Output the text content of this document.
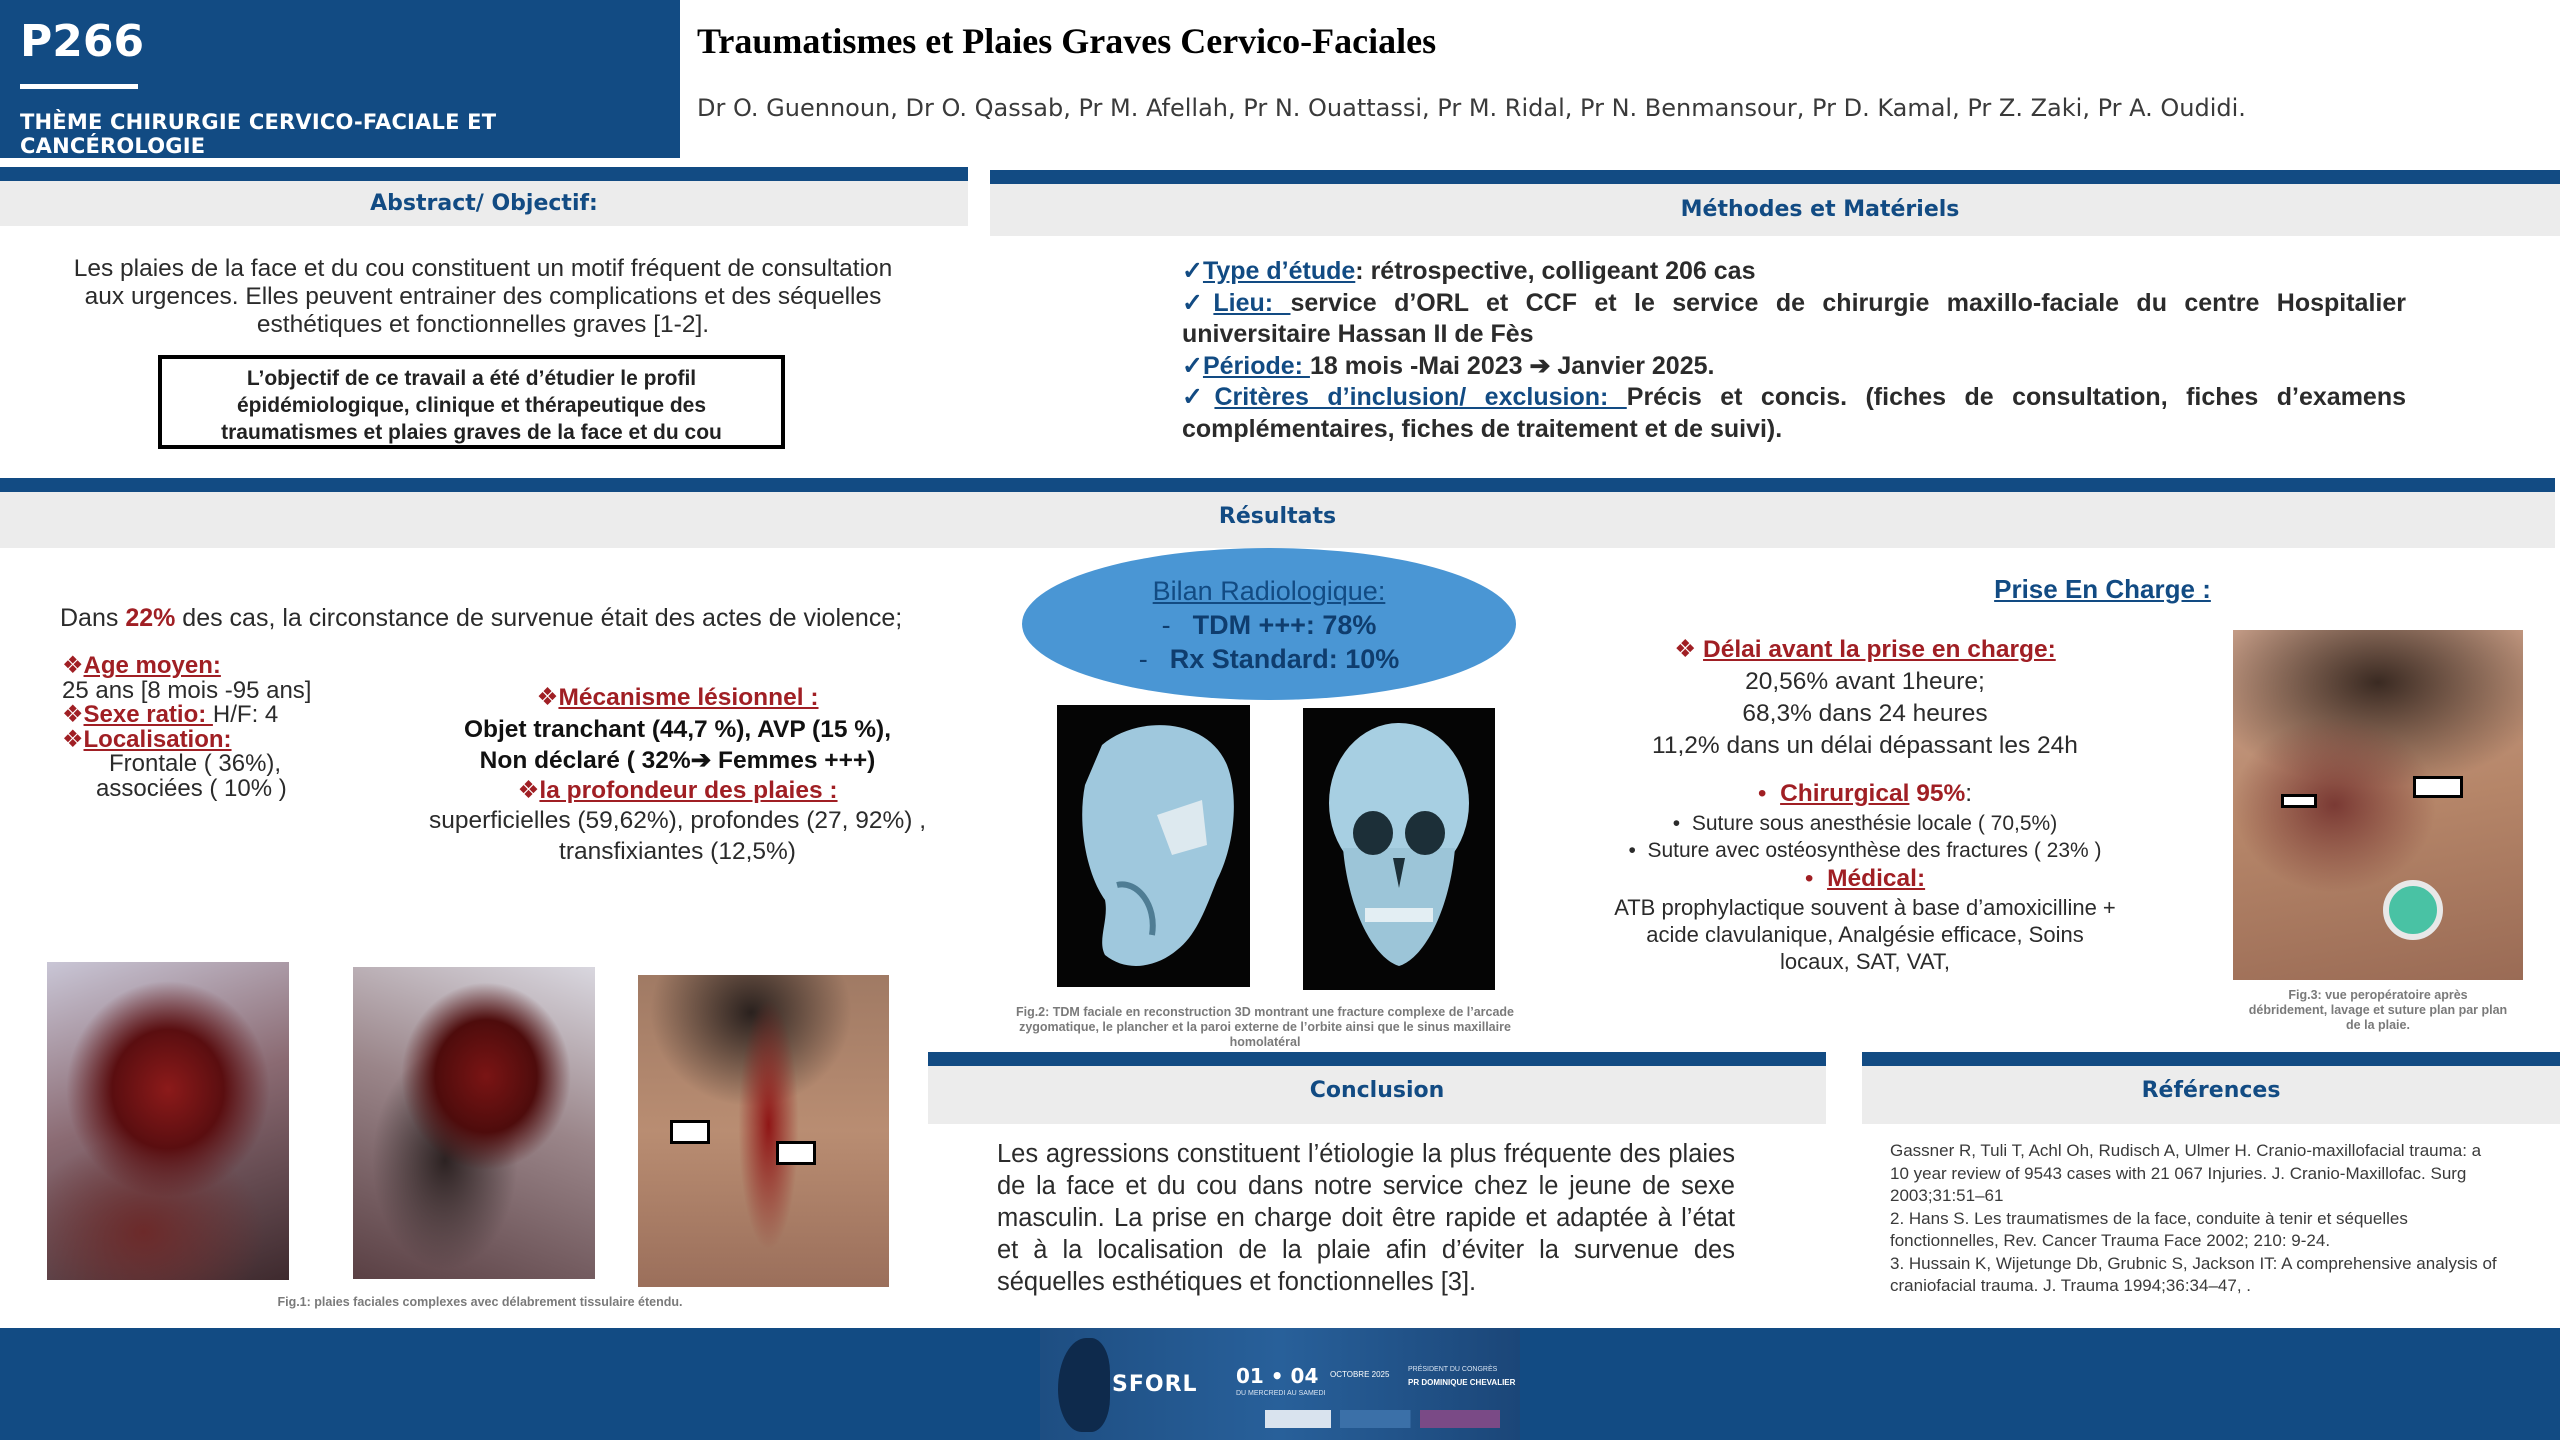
P266
THÈME CHIRURGIE CERVICO-FACIALE ET CANCÉROLOGIE
Traumatismes et Plaies Graves Cervico-Faciales
Dr O. Guennoun, Dr O. Qassab, Pr M. Afellah, Pr N. Ouattassi, Pr M. Ridal, Pr N. Benmansour, Pr D. Kamal, Pr Z. Zaki, Pr A. Oudidi.
Abstract/ Objectif:
Les plaies de la face et du cou constituent un motif fréquent de consultation aux urgences. Elles peuvent entrainer des complications et des séquelles esthétiques et fonctionnelles graves [1-2].
L’objectif de ce travail a été d’étudier le profil épidémiologique, clinique et thérapeutique des traumatismes et plaies graves de la face et du cou
Méthodes et Matériels
✓Type d’étude: rétrospective, colligeant 206 cas
✓Lieu: service d’ORL et CCF et le service de chirurgie maxillo-faciale du centre Hospitalier universitaire Hassan II de Fès
✓Période: 18 mois -Mai 2023 ➔ Janvier 2025.
✓Critères d’inclusion/ exclusion: Précis et concis. (fiches de consultation, fiches d’examens complémentaires, fiches de traitement et de suivi).
Résultats
Dans 22% des cas, la circonstance de survenue était des actes de violence;
❖Age moyen:
25 ans [8 mois -95 ans]
❖Sexe ratio: H/F: 4
❖Localisation:
Frontale ( 36%),
associées ( 10% )
❖Mécanisme lésionnel :
Objet tranchant (44,7 %), AVP (15 %),
Non déclaré ( 32%➔ Femmes +++)
❖la profondeur des plaies :
superficielles (59,62%), profondes (27, 92%) ,
transfixiantes (12,5%)
Fig.1: plaies faciales complexes avec délabrement tissulaire étendu.
Bilan Radiologique:
- TDM +++: 78%
- Rx Standard: 10%
Fig.2: TDM faciale en reconstruction 3D montrant une fracture complexe de l’arcade zygomatique, le plancher et la paroi externe de l’orbite ainsi que le sinus maxillaire homolatéral
Prise En Charge :
❖ Délai avant la prise en charge:
20,56% avant 1heure;
68,3% dans 24 heures
11,2% dans un délai dépassant les 24h
•  Chirurgical 95%:
•  Suture sous anesthésie locale ( 70,5%)
•  Suture avec ostéosynthèse des fractures ( 23% )
•  Médical:
ATB prophylactique souvent à base d’amoxicilline + acide clavulanique, Analgésie efficace, Soins locaux, SAT, VAT,
Fig.3: vue peropératoire après débridement, lavage et suture plan par plan de la plaie.
Conclusion
Les agressions constituent l’étiologie la plus fréquente des plaies de la face et du cou dans notre service chez le jeune de sexe masculin. La prise en charge doit être rapide et adaptée à l’état et à la localisation de la plaie afin d’éviter la survenue des séquelles esthétiques et fonctionnelles [3].
Références
Gassner R, Tuli T, Achl Oh, Rudisch A, Ulmer H. Cranio-maxillofacial trauma: a 10 year review of 9543 cases with 21 067 Injuries. J. Cranio-Maxillofac. Surg 2003;31:51–61
2. Hans S. Les traumatismes de la face, conduite à tenir et séquelles fonctionnelles, Rev. Cancer Trauma Face 2002; 210: 9-24.
3. Hussain K, Wijetunge Db, Grubnic S, Jackson IT: A comprehensive analysis of craniofacial trauma. J. Trauma 1994;36:34–47, .
SFORL 01 • 04 OCTOBRE 2025
DU MERCREDI AU SAMEDI
PRÉSIDENT DU CONGRÈS
PR DOMINIQUE CHEVALIER
